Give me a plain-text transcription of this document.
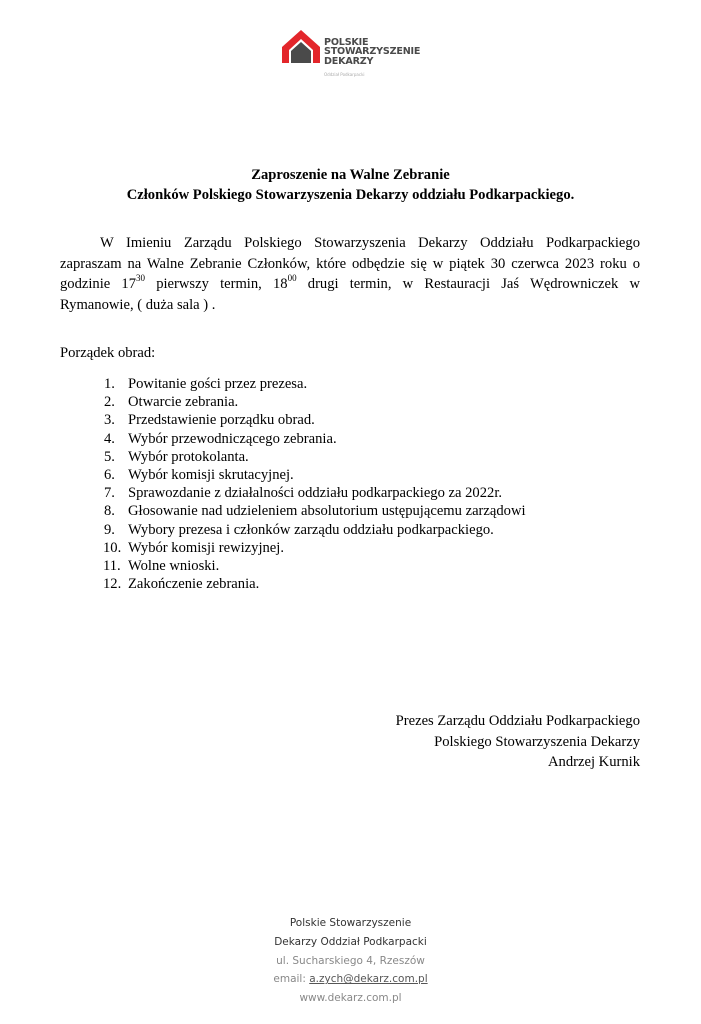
POLSKIE
STOWARZYSZENIE
DEKARZY
Oddział Podkarpacki
Zaproszenie na Walne Zebranie
Członków Polskiego Stowarzyszenia Dekarzy oddziału Podkarpackiego.
W Imieniu Zarządu Polskiego Stowarzyszenia Dekarzy Oddziału Podkarpackiego
zapraszam na Walne Zebranie Członków, które odbędzie się w piątek 30 czerwca 2023 roku o
godzinie $17^{30}$ pierwszy termin, $18^{00}$ drugi termin, w Restauracji Jaś Wędrowniczek w
Rymanowie, ( duża sala ) .
Porządek obrad:
1. Powitanie gości przez prezesa.
2. Otwarcie zebrania.
3. Przedstawienie porządku obrad.
4. Wybór przewodniczącego zebrania.
5. Wybór protokolanta.
6. Wybór komisji skrutacyjnej.
7. Sprawozdanie z działalności oddziału podkarpackiego za 2022r.
8. Głosowanie nad udzieleniem absolutorium ustępującemu zarządowi
9. Wybory prezesa i członków zarządu oddziału podkarpackiego.
10. Wybór komisji rewizyjnej.
11. Wolne wnioski.
12. Zakończenie zebrania.
Prezes Zarządu Oddziału Podkarpackiego
Polskiego Stowarzyszenia Dekarzy
Andrzej Kurnik
Polskie Stowarzyszenie
Dekarzy Oddział Podkarpacki
ul. Sucharskiego 4, Rzeszów
email: a.zych@dekarz.com.pl
www.dekarz.com.pl
